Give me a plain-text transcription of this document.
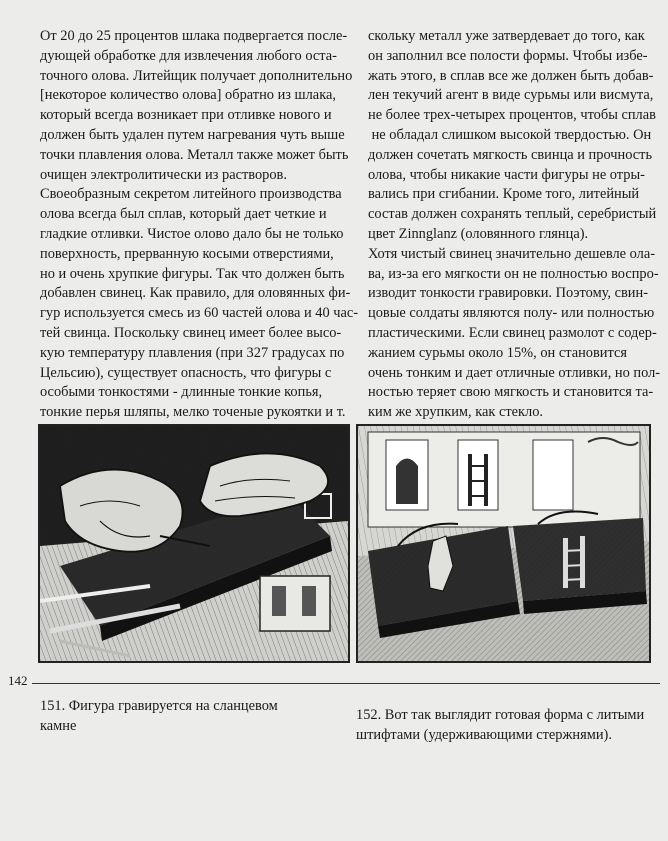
От 20 до 25 процентов шлака подвергается после-

дующей обработке для извлечения любого оста-

точного олова. Литейщик получает дополнительно

[некоторое количество олова] обратно из шлака,

который всегда возникает при отливке нового и

должен быть удален путем нагревания чуть выше

точки плавления олова. Металл также может быть

очищен электролитически из растворов.

Своеобразным секретом литейного производства

олова всегда был сплав, который дает четкие и

гладкие отливки. Чистое олово дало бы не только

поверхность, прерванную косыми отверстиями,

но и очень хрупкие фигуры. Так что должен быть

добавлен свинец. Как правило, для оловянных фи-

гур используется смесь из 60 частей олова и 40 час-

тей свинца. Поскольку свинец имеет более высо-

кую температуру плавления (при 327 градусах по

Цельсию), существует опасность, что фигуры с

особыми тонкостями - длинные тонкие копья,

тонкие перья шляпы, мелко точеные рукоятки и т.

скольку металл уже затвердевает до того, как

он заполнил все полости формы. Чтобы избе-

жать этого, в сплав все же должен быть добав-

лен текучий агент в виде сурьмы или висмута,

не более трех-четырех процентов, чтобы сплав

не обладал слишком высокой твердостью. Он

должен сочетать мягкость свинца и прочность

олова, чтобы никакие части фигуры не отры-

вались при сгибании. Кроме того, литейный

состав должен сохранять теплый, серебристый

цвет Zinnglanz (оловянного глянца).

Хотя чистый свинец значительно дешевле ола-

ва, из-за его мягкости он не полностью воспро-

изводит тонкости гравировки. Поэтому, свин-

цовые солдаты являются полу- или полностью

пластическими. Если свинец размолот с содер-

жанием сурьмы около 15%, он становится

очень тонким и дает отличные отливки, но пол-

ностью теряет свою мягкость и становится та-

ким же хрупким, как стекло.

142

151. Фигура гравируется на сланцевом

камне

152. Вот так выглядит готовая форма с литыми

штифтами (удерживающими стержнями).
